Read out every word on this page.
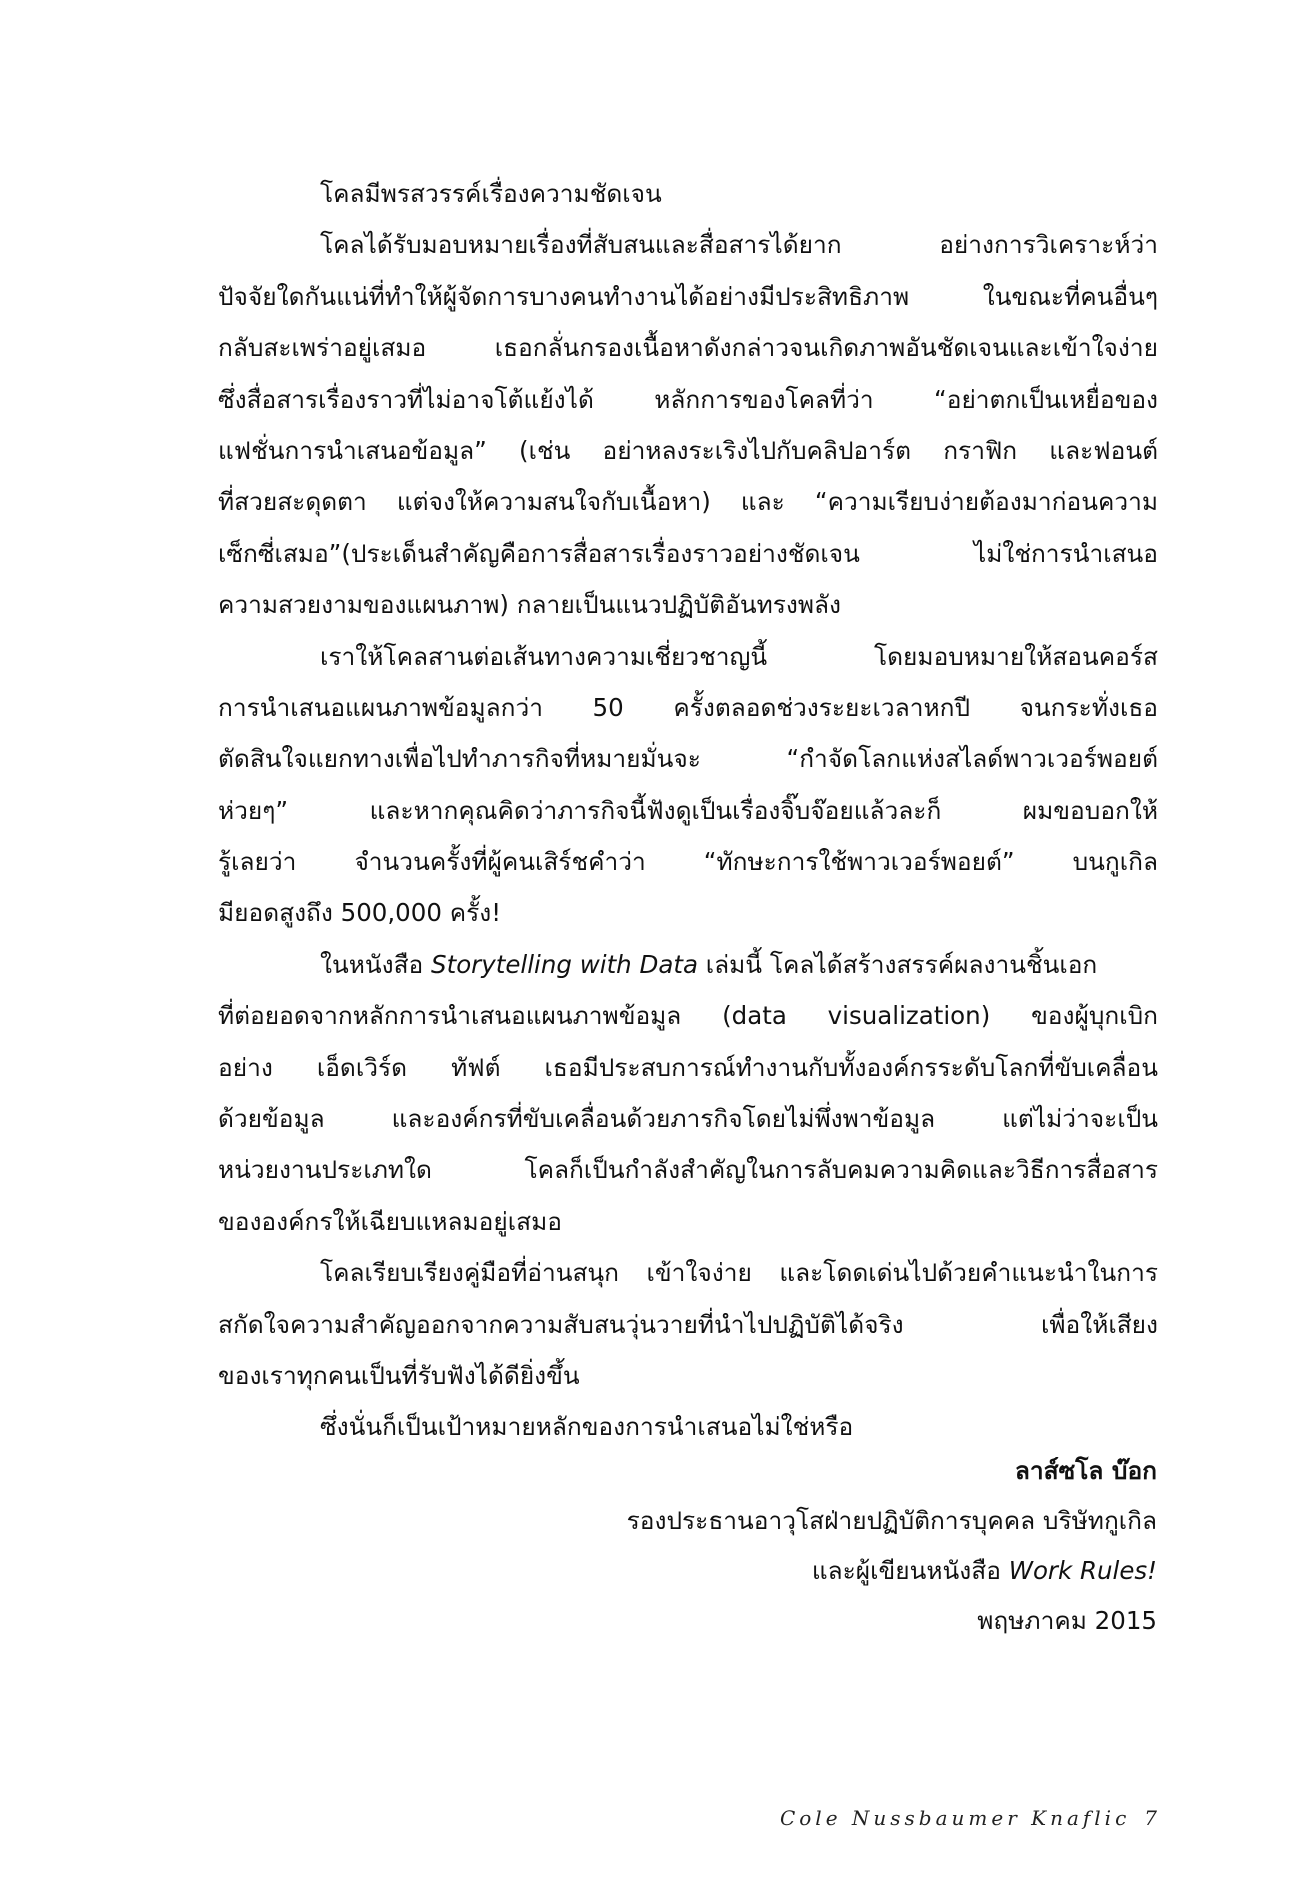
โคลมีพรสวรรค์เรื่องความชัดเจน
โคลได้รับมอบหมายเรื่องที่สับสนและสื่อสารได้ยาก อย่างการวิเคราะห์ว่า
ปัจจัยใดกันแน่ที่ทำให้ผู้จัดการบางคนทำงานได้อย่างมีประสิทธิภาพ ในขณะที่คนอื่นๆ
กลับสะเพร่าอยู่เสมอ เธอกลั่นกรองเนื้อหาดังกล่าวจนเกิดภาพอันชัดเจนและเข้าใจง่าย
ซึ่งสื่อสารเรื่องราวที่ไม่อาจโต้แย้งได้ หลักการของโคลที่ว่า “อย่าตกเป็นเหยื่อของ
แฟชั่นการนำเสนอข้อมูล” (เช่น อย่าหลงระเริงไปกับคลิปอาร์ต กราฟิก และฟอนต์
ที่สวยสะดุดตา แต่จงให้ความสนใจกับเนื้อหา) และ “ความเรียบง่ายต้องมาก่อนความ
เซ็กซี่เสมอ”(ประเด็นสำคัญคือการสื่อสารเรื่องราวอย่างชัดเจน ไม่ใช่การนำเสนอ
ความสวยงามของแผนภาพ) กลายเป็นแนวปฏิบัติอันทรงพลัง
เราให้โคลสานต่อเส้นทางความเชี่ยวชาญนี้ โดยมอบหมายให้สอนคอร์ส
การนำเสนอแผนภาพข้อมูลกว่า 50 ครั้งตลอดช่วงระยะเวลาหกปี จนกระทั่งเธอ
ตัดสินใจแยกทางเพื่อไปทำภารกิจที่หมายมั่นจะ “กำจัดโลกแห่งสไลด์พาวเวอร์พอยต์
ห่วยๆ” และหากคุณคิดว่าภารกิจนี้ฟังดูเป็นเรื่องจิ๊บจ๊อยแล้วละก็ ผมขอบอกให้
รู้เลยว่า จำนวนครั้งที่ผู้คนเสิร์ชคำว่า “ทักษะการใช้พาวเวอร์พอยต์” บนกูเกิล
มียอดสูงถึง 500,000 ครั้ง!
ในหนังสือ Storytelling with Data เล่มนี้ โคลได้สร้างสรรค์ผลงานชิ้นเอก
ที่ต่อยอดจากหลักการนำเสนอแผนภาพข้อมูล (data visualization) ของผู้บุกเบิก
อย่าง เอ็ดเวิร์ด ทัฟต์ เธอมีประสบการณ์ทำงานกับทั้งองค์กรระดับโลกที่ขับเคลื่อน
ด้วยข้อมูล และองค์กรที่ขับเคลื่อนด้วยภารกิจโดยไม่พึ่งพาข้อมูล แต่ไม่ว่าจะเป็น
หน่วยงานประเภทใด โคลก็เป็นกำลังสำคัญในการลับคมความคิดและวิธีการสื่อสาร
ขององค์กรให้เฉียบแหลมอยู่เสมอ
โคลเรียบเรียงคู่มือที่อ่านสนุก เข้าใจง่าย และโดดเด่นไปด้วยคำแนะนำในการ
สกัดใจความสำคัญออกจากความสับสนวุ่นวายที่นำไปปฏิบัติได้จริง เพื่อให้เสียง
ของเราทุกคนเป็นที่รับฟังได้ดียิ่งขึ้น
ซึ่งนั่นก็เป็นเป้าหมายหลักของการนำเสนอไม่ใช่หรือ
ลาส์ซโล บ๊อก
รองประธานอาวุโสฝ่ายปฏิบัติการบุคคล บริษัทกูเกิล
และผู้เขียนหนังสือ Work Rules!
พฤษภาคม 2015
Cole Nussbaumer Knaflic 7
